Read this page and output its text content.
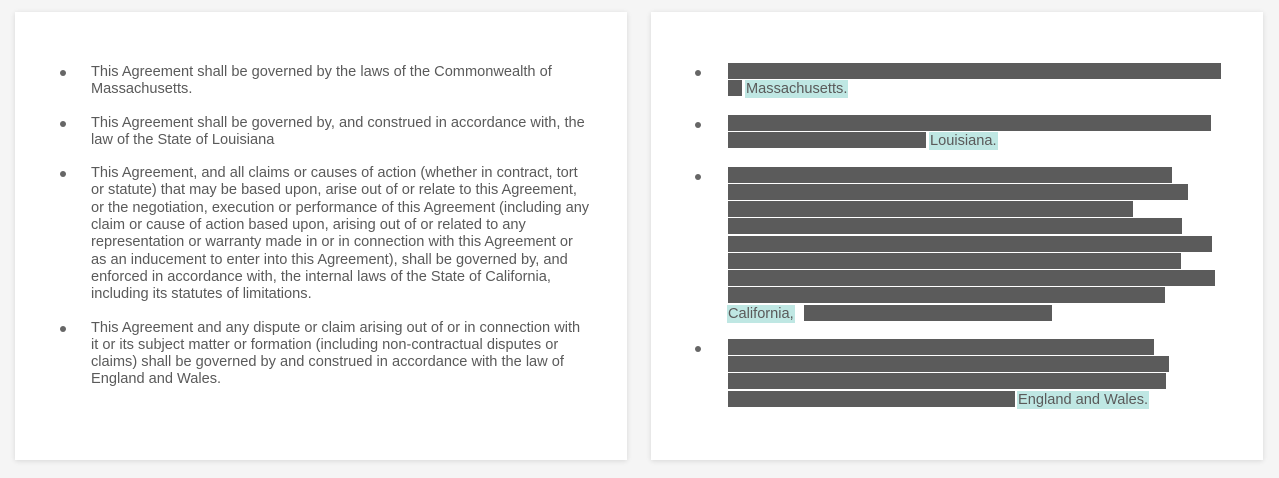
This Agreement shall be governed by the laws of the Commonwealth of Massachusetts.
This Agreement shall be governed by, and construed in accordance with, the law of the State of Louisiana
This Agreement, and all claims or causes of action (whether in contract, tort or statute) that may be based upon, arise out of or relate to this Agreement, or the negotiation, execution or performance of this Agreement (including any claim or cause of action based upon, arising out of or related to any representation or warranty made in or in connection with this Agreement or as an inducement to enter into this Agreement), shall be governed by, and enforced in accordance with, the internal laws of the State of California, including its statutes of limitations.
This Agreement and any dispute or claim arising out of or in connection with it or its subject matter or formation (including non-contractual disputes or claims) shall be governed by and construed in accordance with the law of England and Wales.
Massachusetts.
Louisiana.
California,
England and Wales.
